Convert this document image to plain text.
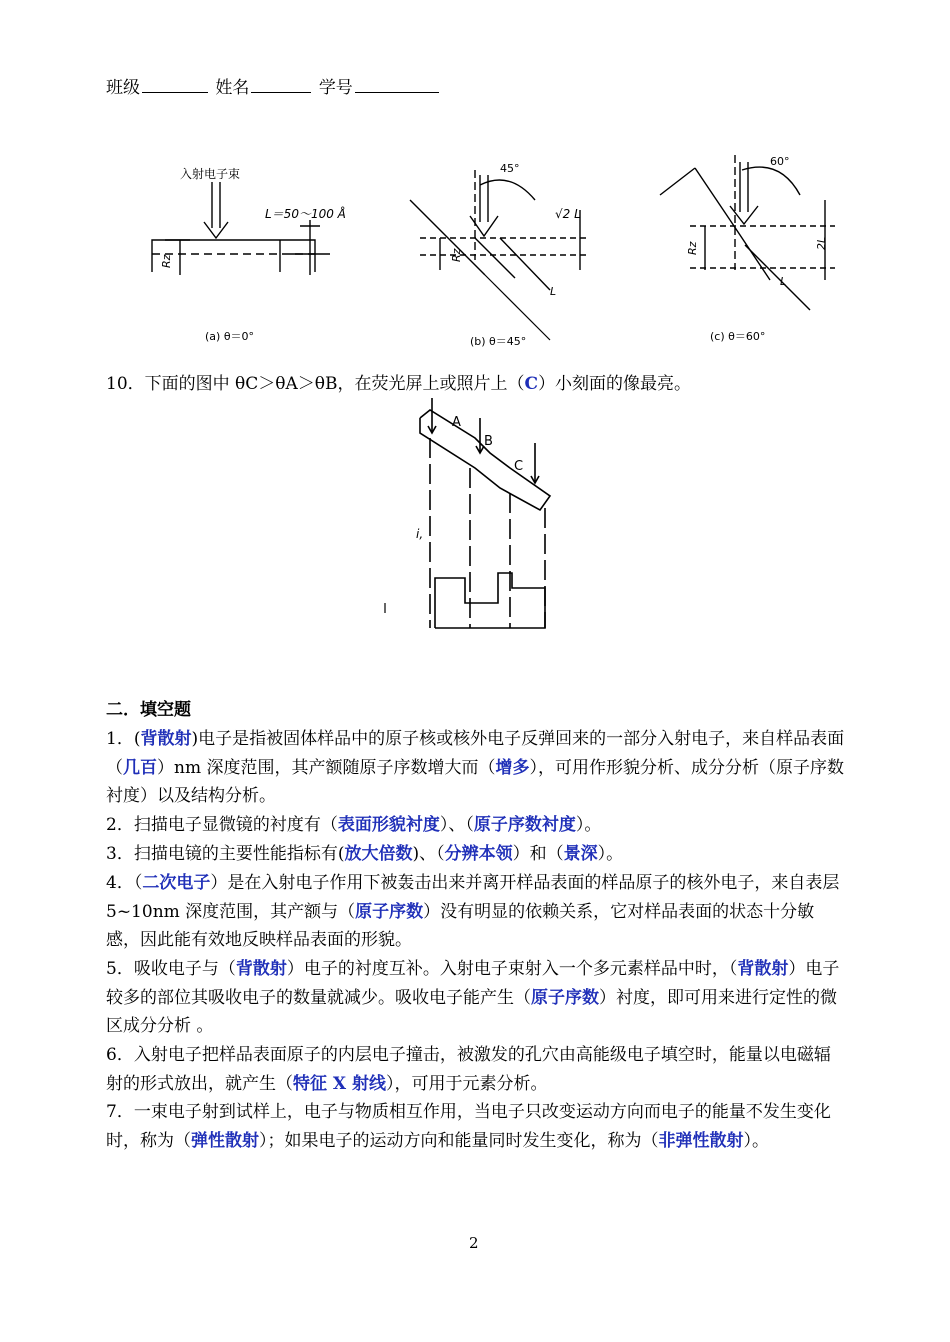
班级	姓名	学号
入射电子束
L＝50～100 Å
Rz
(a) θ＝0°
45°
√2 L
Rz
L
(b) θ＝45°
60°
2L
Rz
L
(c) θ＝60°
10．下面的图中 θC＞θA＞θB，在荧光屏上或照片上（C）小刻面的像最亮。
A
B
C
i,
二．填空题
1．(背散射)电子是指被固体样品中的原子核或核外电子反弹回来的一部分入射电子，来自样品表面（几百）nm 深度范围，其产额随原子序数增大而（增多），可用作形貌分析、成分分析（原子序数衬度）以及结构分析。
2．扫描电子显微镜的衬度有（表面形貌衬度）、（原子序数衬度）。
3．扫描电镜的主要性能指标有(放大倍数)、（分辨本领）和（景深）。
4．（二次电子）是在入射电子作用下被轰击出来并离开样品表面的样品原子的核外电子，来自表层 5~10nm 深度范围，其产额与（原子序数）没有明显的依赖关系，它对样品表面的状态十分敏感，因此能有效地反映样品表面的形貌。
5．吸收电子与（背散射）电子的衬度互补。入射电子束射入一个多元素样品中时，（背散射）电子较多的部位其吸收电子的数量就减少。吸收电子能产生（原子序数）衬度，即可用来进行定性的微区成分分析 。
6．入射电子把样品表面原子的内层电子撞击，被激发的孔穴由高能级电子填空时，能量以电磁辐射的形式放出，就产生（特征 X 射线），可用于元素分析。
7．一束电子射到试样上，电子与物质相互作用，当电子只改变运动方向而电子的能量不发生变化时，称为（弹性散射）；如果电子的运动方向和能量同时发生变化，称为（非弹性散射）。
2
